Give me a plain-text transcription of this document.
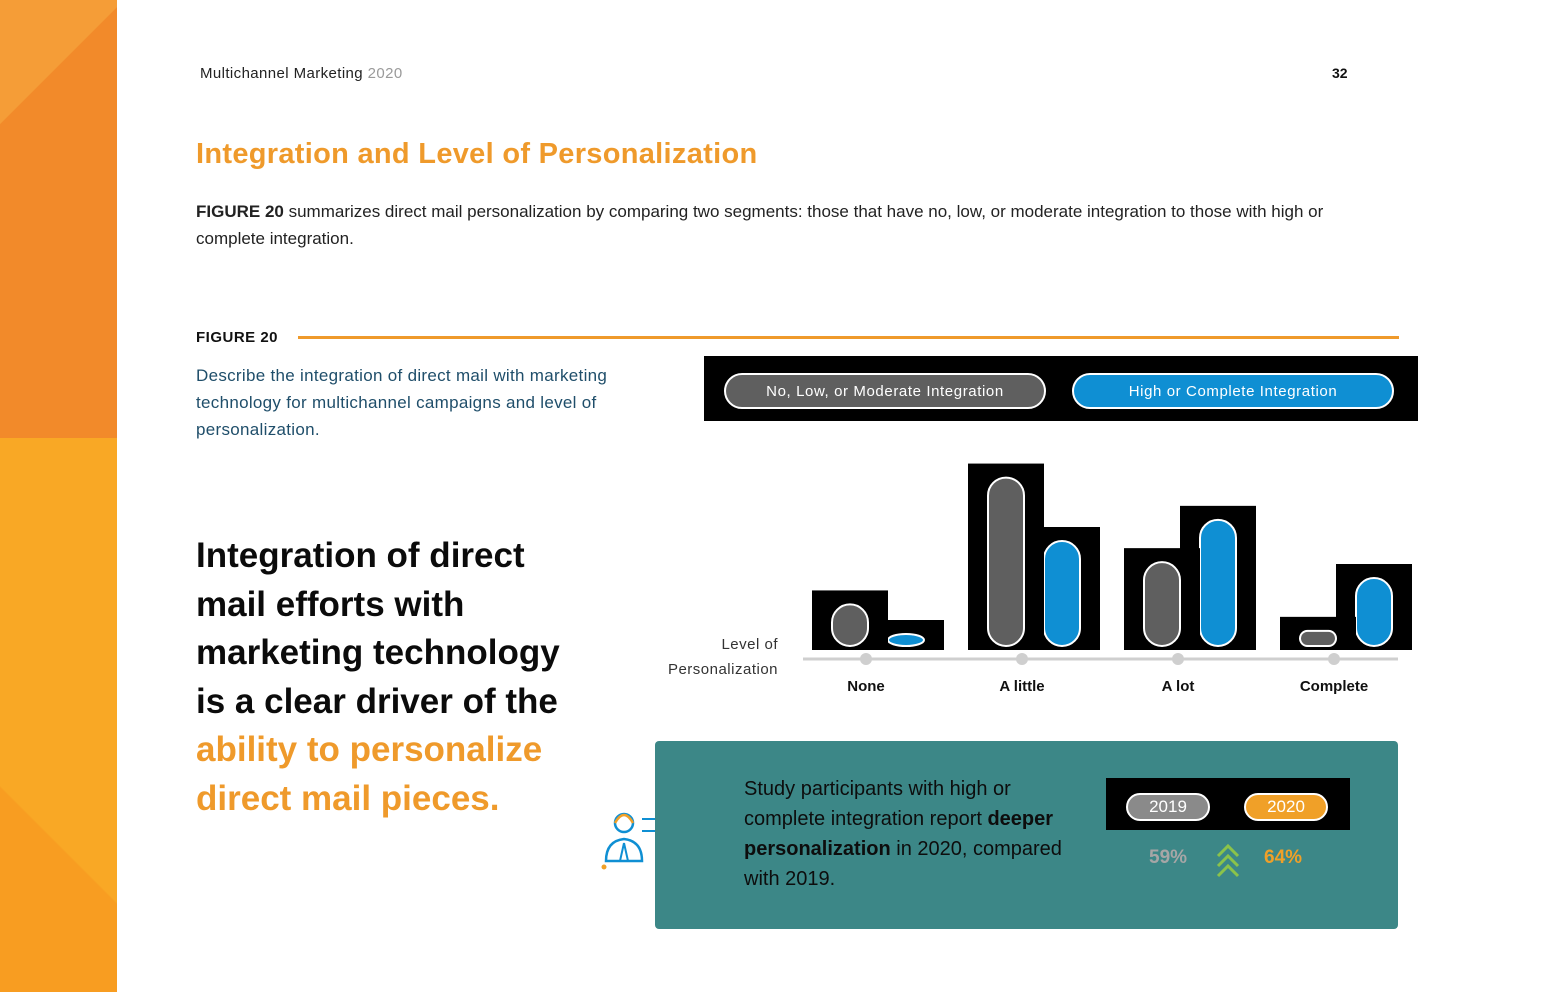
Multichannel Marketing 2020	32
Integration and Level of Personalization
FIGURE 20 summarizes direct mail personalization by comparing two segments: those that have no, low, or moderate integration to those with high or complete integration.
FIGURE 20
Describe the integration of direct mail with marketing technology for multichannel campaigns and level of personalization.
No, Low, or Moderate Integration	High or Complete Integration
Integration of direct mail efforts with marketing technology is a clear driver of the ability to personalize direct mail pieces.
None	A little	A lot	Complete
Level of
Personalization
Study participants with high or complete integration report deeper personalization in 2020, compared with 2019.
2019	2020
59%	64%
